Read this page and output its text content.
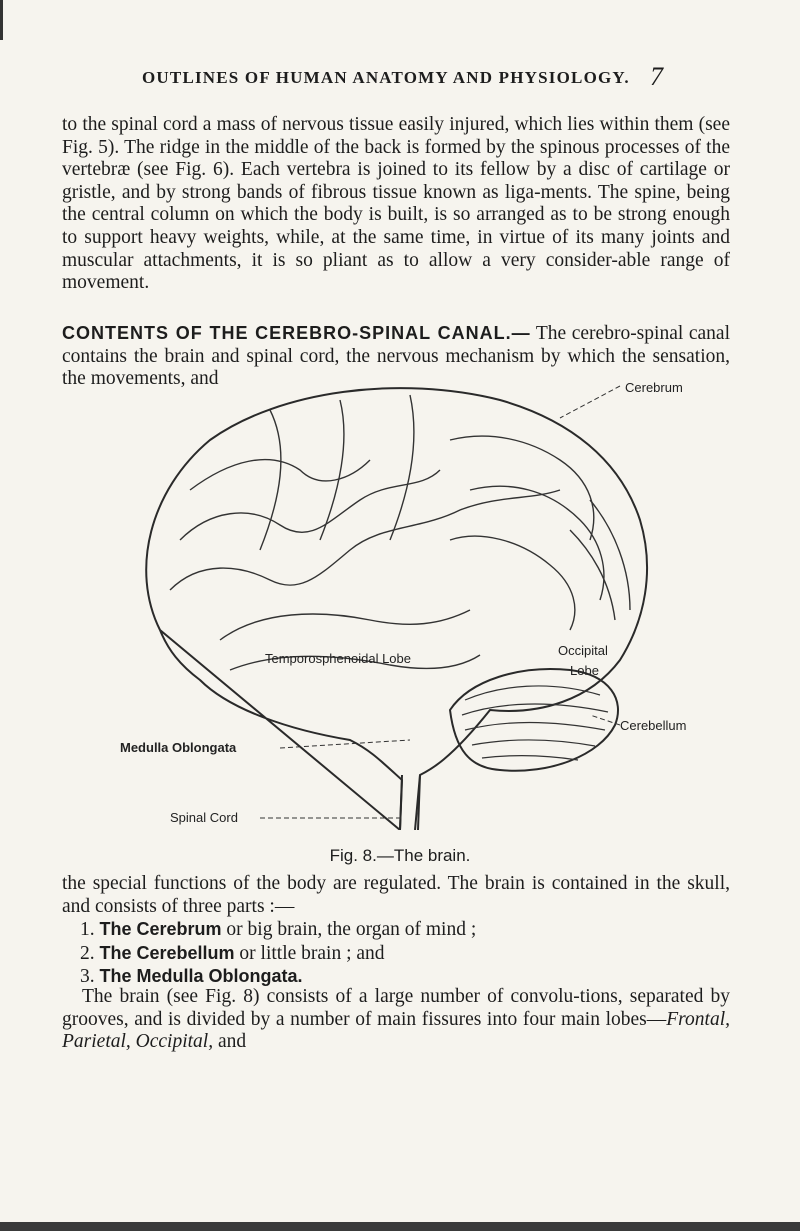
OUTLINES OF HUMAN ANATOMY AND PHYSIOLOGY. 7
to the spinal cord a mass of nervous tissue easily injured, which lies within them (see Fig. 5). The ridge in the middle of the back is formed by the spinous processes of the vertebræ (see Fig. 6). Each vertebra is joined to its fellow by a disc of cartilage or gristle, and by strong bands of fibrous tissue known as liga-ments. The spine, being the central column on which the body is built, is so arranged as to be strong enough to support heavy weights, while, at the same time, in virtue of its many joints and muscular attachments, it is so pliant as to allow a very consider-able range of movement.
CONTENTS OF THE CEREBRO-SPINAL CANAL.— The cerebro-spinal canal contains the brain and spinal cord, the nervous mechanism by which the sensation, the movements, and	Cerebrum
Temporosphenoidal Lobe
Occipital
Lobe
Cerebellum
Medulla Oblongata
Spinal Cord
Fig. 8.—The brain.
the special functions of the body are regulated. The brain is contained in the skull, and consists of three parts :—
1. The Cerebrum or big brain, the organ of mind ;
2. The Cerebellum or little brain ; and
3. The Medulla Oblongata.
The brain (see Fig. 8) consists of a large number of convolu-tions, separated by grooves, and is divided by a number of main fissures into four main lobes—Frontal, Parietal, Occipital, and
